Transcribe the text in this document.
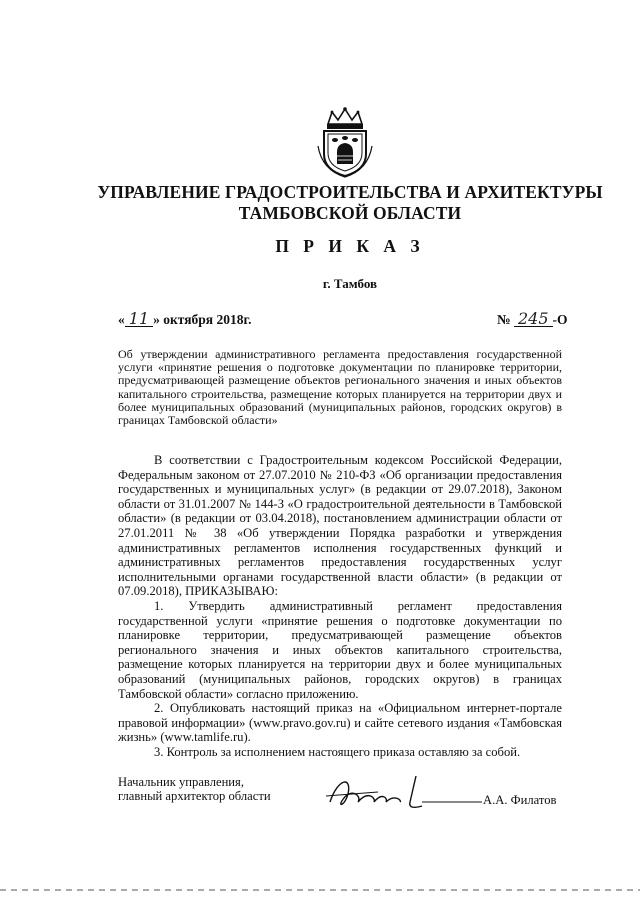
УПРАВЛЕНИЕ ГРАДОСТРОИТЕЛЬСТВА И АРХИТЕКТУРЫ
ТАМБОВСКОЙ ОБЛАСТИ
П Р И К А З
г. Тамбов
« 11 » октября 2018г.	№ 245 -О
Об утверждении административного регламента предоставления государственной услуги «принятие решения о подготовке документации по планировке территории, предусматривающей размещение объектов регионального значения и иных объектов капитального строительства, размещение которых планируется на территории двух и более муниципальных образований (муниципальных районов, городских округов) в границах Тамбовской области»

В соответствии с Градостроительным кодексом Российской Федерации, Федеральным законом от 27.07.2010 № 210-ФЗ «Об организации предоставления государственных и муниципальных услуг» (в редакции от 29.07.2018), Законом области от 31.01.2007 № 144-З «О градостроительной деятельности в Тамбовской области» (в редакции от 03.04.2018), постановлением администрации области от 27.01.2011 № 38 «Об утверждении Порядка разработки и утверждения административных регламентов исполнения государственных функций и административных регламентов предоставления государственных услуг исполнительными органами государственной власти области» (в редакции от 07.09.2018), ПРИКАЗЫВАЮ:

1. Утвердить административный регламент предоставления государственной услуги «принятие решения о подготовке документации по планировке территории, предусматривающей размещение объектов регионального значения и иных объектов капитального строительства, размещение которых планируется на территории двух и более муниципальных образований (муниципальных районов, городских округов) в границах Тамбовской области» согласно приложению.

2. Опубликовать настоящий приказ на «Официальном интернет-портале правовой информации» (www.pravo.gov.ru) и сайте сетевого издания «Тамбовская жизнь» (www.tamlife.ru).

3. Контроль за исполнением настоящего приказа оставляю за собой.

Начальник управления,
главный архитектор области	А.А. Филатов
